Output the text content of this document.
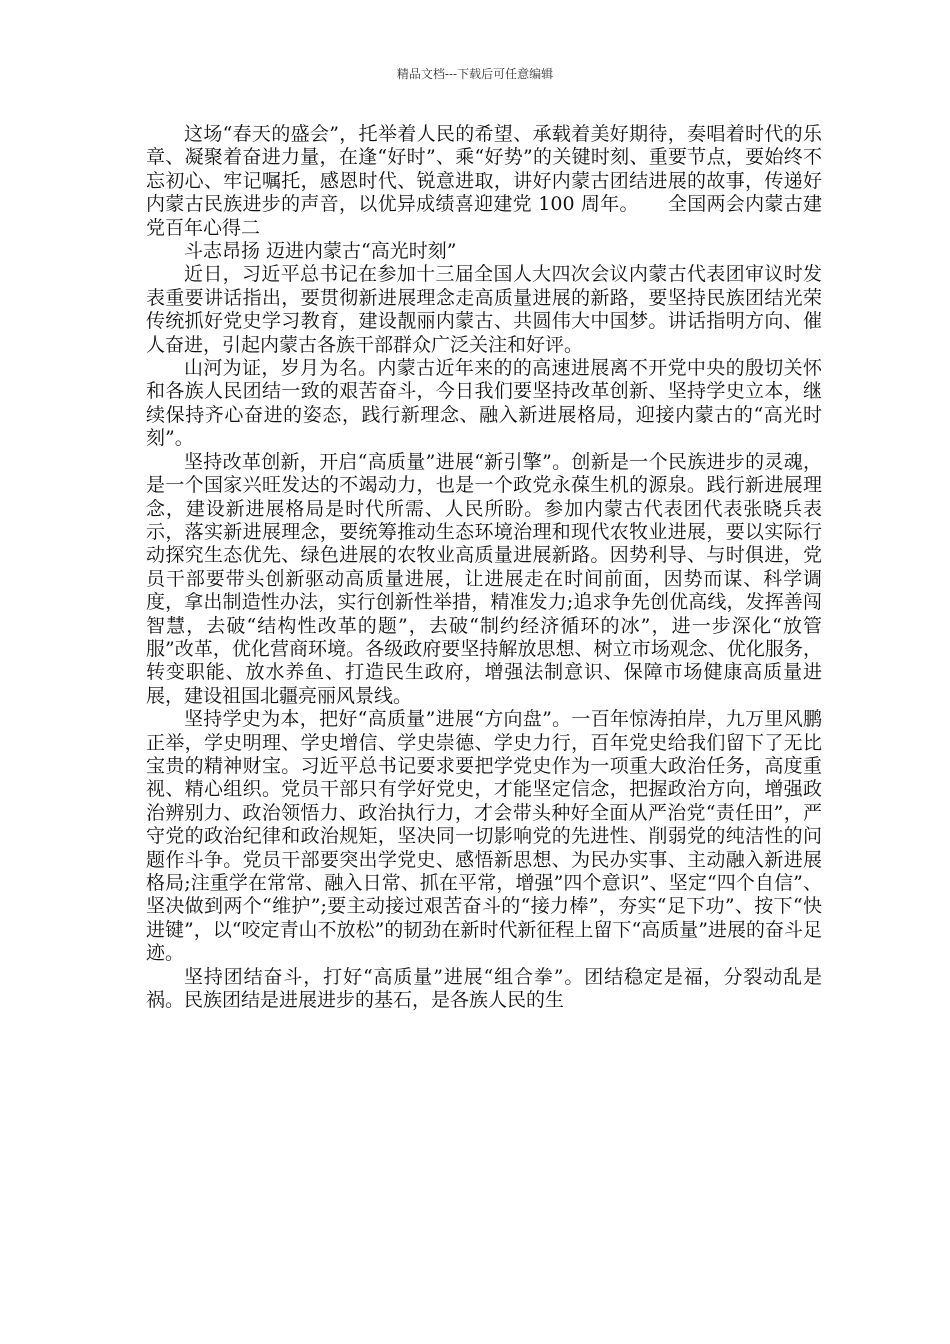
精品文档---下载后可任意编辑

这场“春天的盛会”，托举着人民的希望、承载着美好期待，奏唱着时代的乐章、凝聚着奋进力量，在逢“好时”、乘“好势”的关键时刻、重要节点，要始终不忘初心、牢记嘱托，感恩时代、锐意进取，讲好内蒙古团结进展的故事，传递好内蒙古民族进步的声音，以优异成绩喜迎建党 100 周年。　　全国两会内蒙古建党百年心得二

斗志昂扬 迈进内蒙古“高光时刻”

近日，习近平总书记在参加十三届全国人大四次会议内蒙古代表团审议时发表重要讲话指出，要贯彻新进展理念走高质量进展的新路，要坚持民族团结光荣传统抓好党史学习教育，建设靓丽内蒙古、共圆伟大中国梦。讲话指明方向、催人奋进，引起内蒙古各族干部群众广泛关注和好评。

山河为证，岁月为名。内蒙古近年来的的高速进展离不开党中央的殷切关怀和各族人民团结一致的艰苦奋斗，今日我们要坚持改革创新、坚持学史立本，继续保持齐心奋进的姿态，践行新理念、融入新进展格局，迎接内蒙古的“高光时刻”。

坚持改革创新，开启“高质量”进展“新引擎”。创新是一个民族进步的灵魂，是一个国家兴旺发达的不竭动力，也是一个政党永葆生机的源泉。践行新进展理念，建设新进展格局是时代所需、人民所盼。参加内蒙古代表团代表张晓兵表示，落实新进展理念，要统筹推动生态环境治理和现代农牧业进展，要以实际行动探究生态优先、绿色进展的农牧业高质量进展新路。因势利导、与时俱进，党员干部要带头创新驱动高质量进展，让进展走在时间前面，因势而谋、科学调度，拿出制造性办法，实行创新性举措，精准发力;追求争先创优高线，发挥善闯智慧，去破“结构性改革的题”，去破“制约经济循环的冰”，进一步深化“放管服”改革，优化营商环境。各级政府要坚持解放思想、树立市场观念、优化服务，转变职能、放水养鱼、打造民生政府，增强法制意识、保障市场健康高质量进展，建设祖国北疆亮丽风景线。

坚持学史为本，把好“高质量”进展“方向盘”。一百年惊涛拍岸，九万里风鹏正举，学史明理、学史增信、学史崇德、学史力行，百年党史给我们留下了无比宝贵的精神财宝。习近平总书记要求要把学党史作为一项重大政治任务，高度重视、精心组织。党员干部只有学好党史，才能坚定信念，把握政治方向，增强政治辨别力、政治领悟力、政治执行力，才会带头种好全面从严治党“责任田”，严守党的政治纪律和政治规矩，坚决同一切影响党的先进性、削弱党的纯洁性的问题作斗争。党员干部要突出学党史、感悟新思想、为民办实事、主动融入新进展格局;注重学在常常、融入日常、抓在平常，增强”四个意识”、坚定“四个自信”、坚决做到两个“维护”;要主动接过艰苦奋斗的“接力棒”，夯实“足下功”、按下“快进键”，以“咬定青山不放松”的韧劲在新时代新征程上留下“高质量”进展的奋斗足迹。

坚持团结奋斗，打好“高质量”进展“组合拳”。团结稳定是福，分裂动乱是祸。民族团结是进展进步的基石，是各族人民的生
